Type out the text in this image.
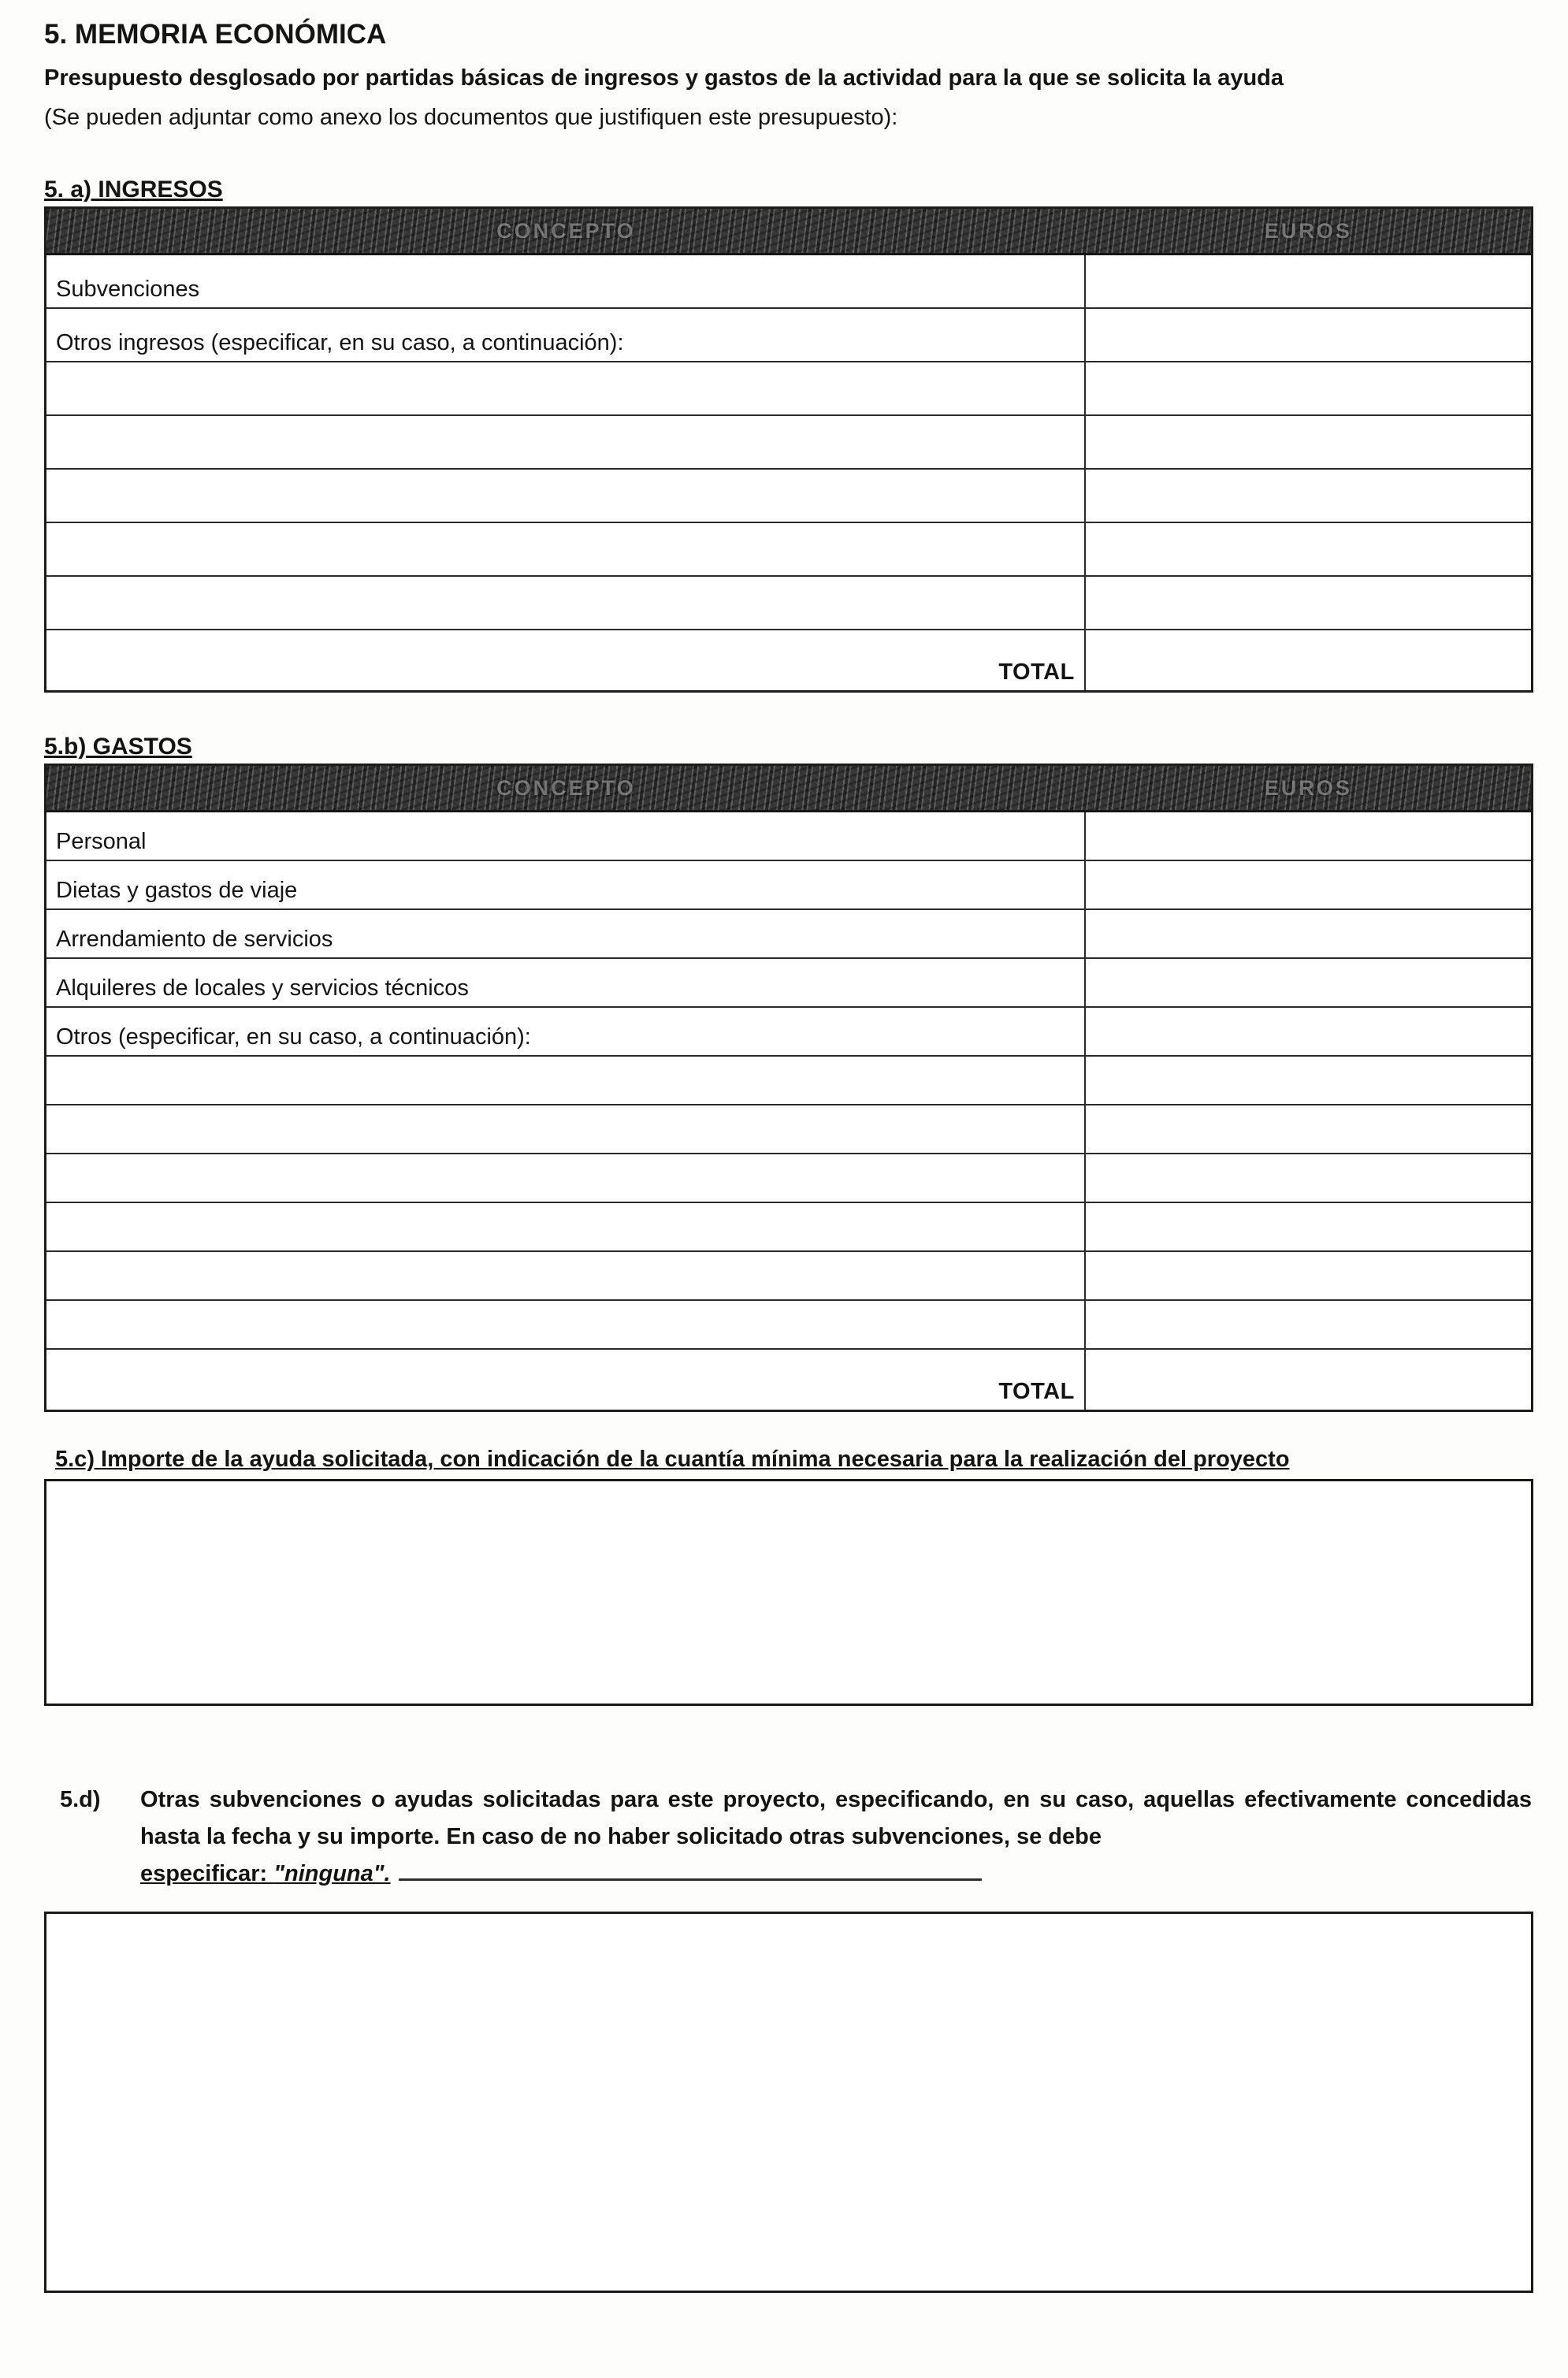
5. MEMORIA ECONÓMICA

Presupuesto desglosado por partidas básicas de ingresos y gastos de la actividad para la que se solicita la ayuda

(Se pueden adjuntar como anexo los documentos que justifiquen este presupuesto):

5. a) INGRESOS
CONCEPTO	EUROS
Subvenciones
Otros ingresos (especificar, en su caso, a continuación):
TOTAL
5.b) GASTOS
CONCEPTO	EUROS
Personal
Dietas y gastos de viaje
Arrendamiento de servicios
Alquileres de locales y servicios técnicos
Otros (especificar, en su caso, a continuación):
TOTAL

5.c) Importe de la ayuda solicitada, con indicación de la cuantía mínima necesaria para la realización del proyecto

5.d)	Otras subvenciones o ayudas solicitadas para este proyecto, especificando, en su caso, aquellas efectivamente concedidas hasta la fecha y su importe. En caso de no haber solicitado otras subvenciones, se debe
especificar: "ninguna".
